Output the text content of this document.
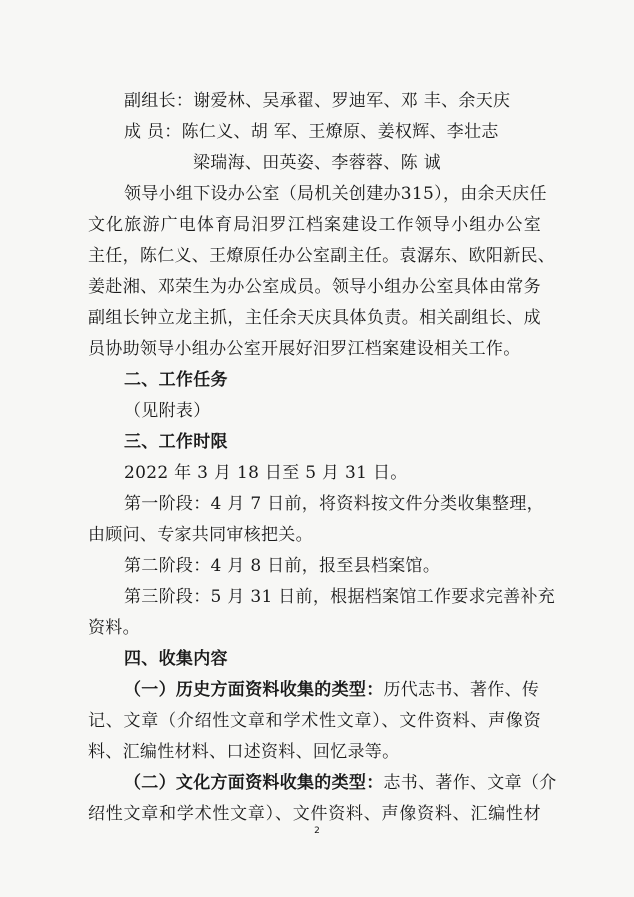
副组长：谢爱林、吴承翟、罗迪军、邓 丰、余天庆
成 员：陈仁义、胡 军、王燎原、姜权辉、李壮志
梁瑞海、田英姿、李蓉蓉、陈 诚
领导小组下设办公室（局机关创建办315），由余天庆任
文化旅游广电体育局汨罗江档案建设工作领导小组办公室
主任，陈仁义、王燎原任办公室副主任。袁潺东、欧阳新民、
姜赴湘、邓荣生为办公室成员。领导小组办公室具体由常务
副组长钟立龙主抓，主任余天庆具体负责。相关副组长、成
员协助领导小组办公室开展好汨罗江档案建设相关工作。
二、工作任务
（见附表）
三、工作时限
2022 年 3 月 18 日至 5 月 31 日。
第一阶段：4 月 7 日前，将资料按文件分类收集整理，
由顾问、专家共同审核把关。
第二阶段：4 月 8 日前，报至县档案馆。
第三阶段：5 月 31 日前，根据档案馆工作要求完善补充
资料。
四、收集内容
（一）历史方面资料收集的类型：历代志书、著作、传
记、文章（介绍性文章和学术性文章）、文件资料、声像资
料、汇编性材料、口述资料、回忆录等。
（二）文化方面资料收集的类型：志书、著作、文章（介
绍性文章和学术性文章）、文件资料、声像资料、汇编性材
2
